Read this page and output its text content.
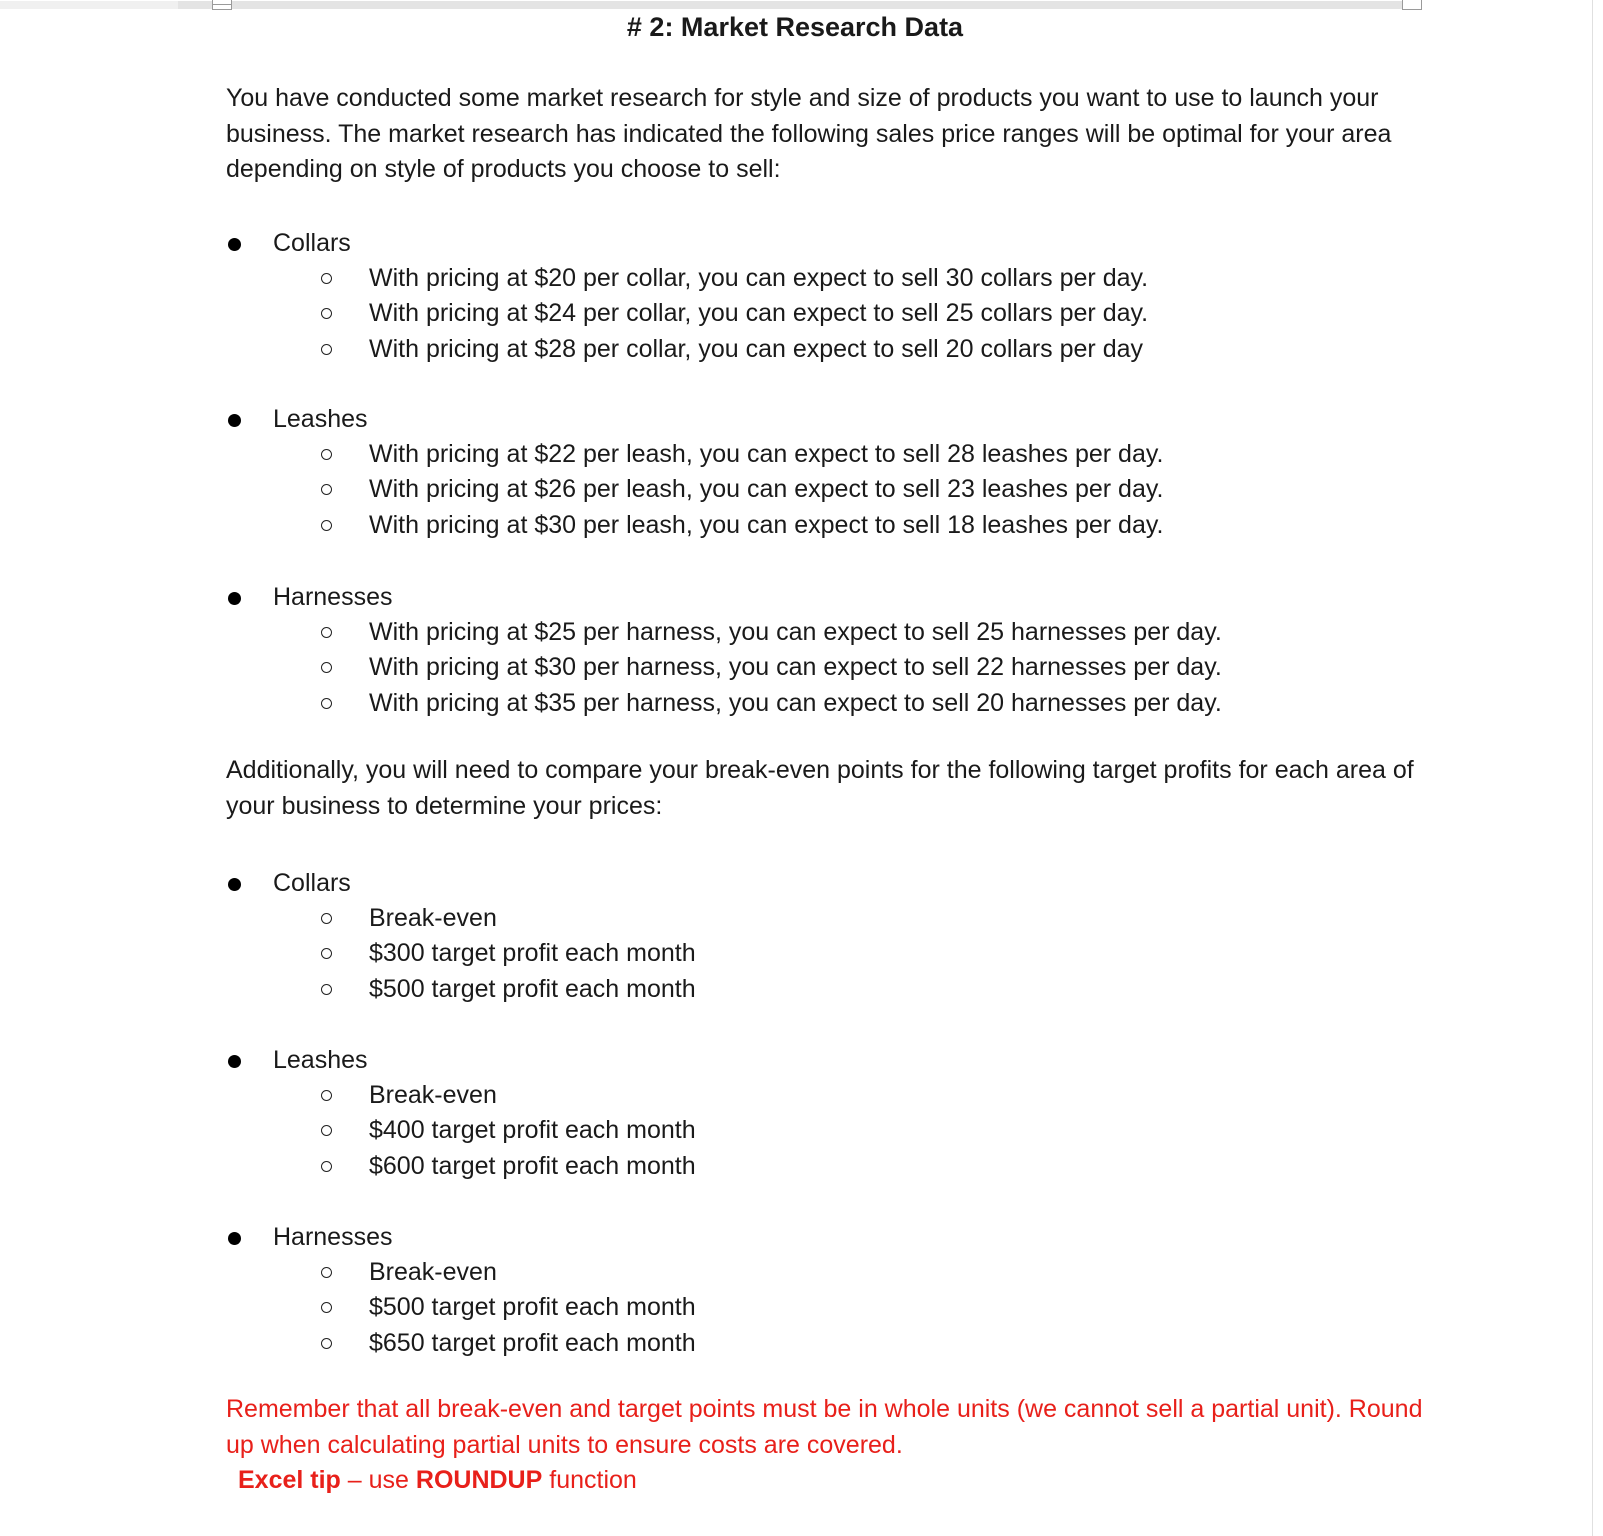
# 2: Market Research Data
You have conducted some market research for style and size of products you want to use to launch your business. The market research has indicated the following sales price ranges will be optimal for your area depending on style of products you choose to sell:
Collars
With pricing at $20 per collar, you can expect to sell 30 collars per day.
With pricing at $24 per collar, you can expect to sell 25 collars per day.
With pricing at $28 per collar, you can expect to sell 20 collars per day
Leashes
With pricing at $22 per leash, you can expect to sell 28 leashes per day.
With pricing at $26 per leash, you can expect to sell 23 leashes per day.
With pricing at $30 per leash, you can expect to sell 18 leashes per day.
Harnesses
With pricing at $25 per harness, you can expect to sell 25 harnesses per day.
With pricing at $30 per harness, you can expect to sell 22 harnesses per day.
With pricing at $35 per harness, you can expect to sell 20 harnesses per day.
Additionally, you will need to compare your break-even points for the following target profits for each area of your business to determine your prices:
Collars
Break-even
$300 target profit each month
$500 target profit each month
Leashes
Break-even
$400 target profit each month
$600 target profit each month
Harnesses
Break-even
$500 target profit each month
$650 target profit each month
Remember that all break-even and target points must be in whole units (we cannot sell a partial unit). Round up when calculating partial units to ensure costs are covered.
Excel tip – use ROUNDUP function
